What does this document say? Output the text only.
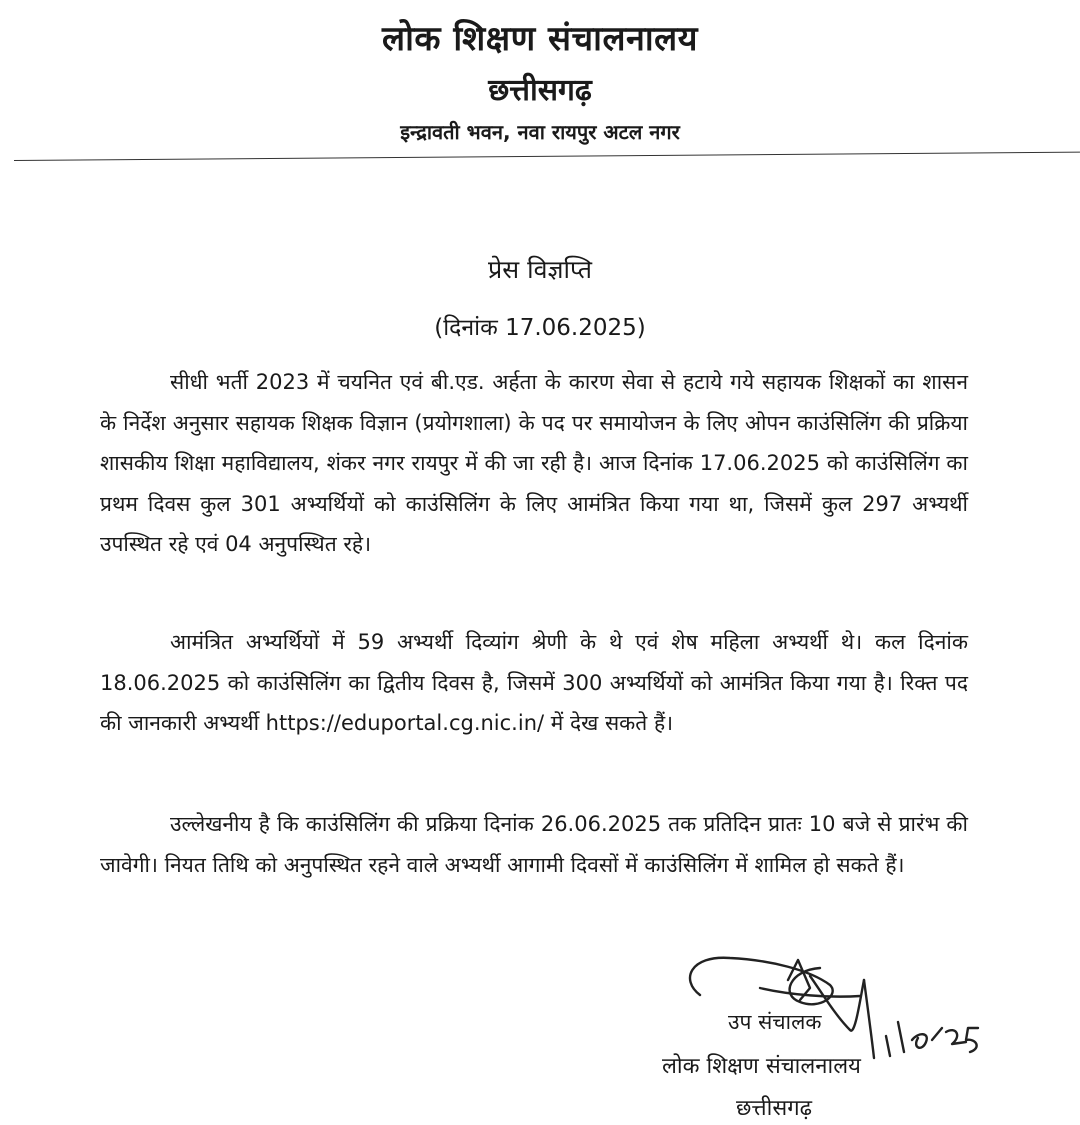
लोक शिक्षण संचालनालय
छत्तीसगढ़
इन्द्रावती भवन, नवा रायपुर अटल नगर
प्रेस विज्ञप्ति
(दिनांक 17.06.2025)
सीधी भर्ती 2023 में चयनित एवं बी.एड. अर्हता के कारण सेवा से हटाये गये सहायक शिक्षकों का शासन के निर्देश अनुसार सहायक शिक्षक विज्ञान (प्रयोगशाला) के पद पर समायोजन के लिए ओपन काउंसिलिंग की प्रक्रिया शासकीय शिक्षा महाविद्यालय, शंकर नगर रायपुर में की जा रही है। आज दिनांक 17.06.2025 को काउंसिलिंग का प्रथम दिवस कुल 301 अभ्यर्थियों को काउंसिलिंग के लिए आमंत्रित किया गया था, जिसमें कुल 297 अभ्यर्थी उपस्थित रहे एवं 04 अनुपस्थित रहे।
आमंत्रित अभ्यर्थियों में 59 अभ्यर्थी दिव्यांग श्रेणी के थे एवं शेष महिला अभ्यर्थी थे। कल दिनांक 18.06.2025 को काउंसिलिंग का द्वितीय दिवस है, जिसमें 300 अभ्यर्थियों को आमंत्रित किया गया है। रिक्त पद की जानकारी अभ्यर्थी https://eduportal.cg.nic.in/ में देख सकते हैं।
उल्लेखनीय है कि काउंसिलिंग की प्रक्रिया दिनांक 26.06.2025 तक प्रतिदिन प्रातः 10 बजे से प्रारंभ की जावेगी। नियत तिथि को अनुपस्थित रहने वाले अभ्यर्थी आगामी दिवसों में काउंसिलिंग में शामिल हो सकते हैं।
उप संचालक
लोक शिक्षण संचालनालय
छत्तीसगढ़
